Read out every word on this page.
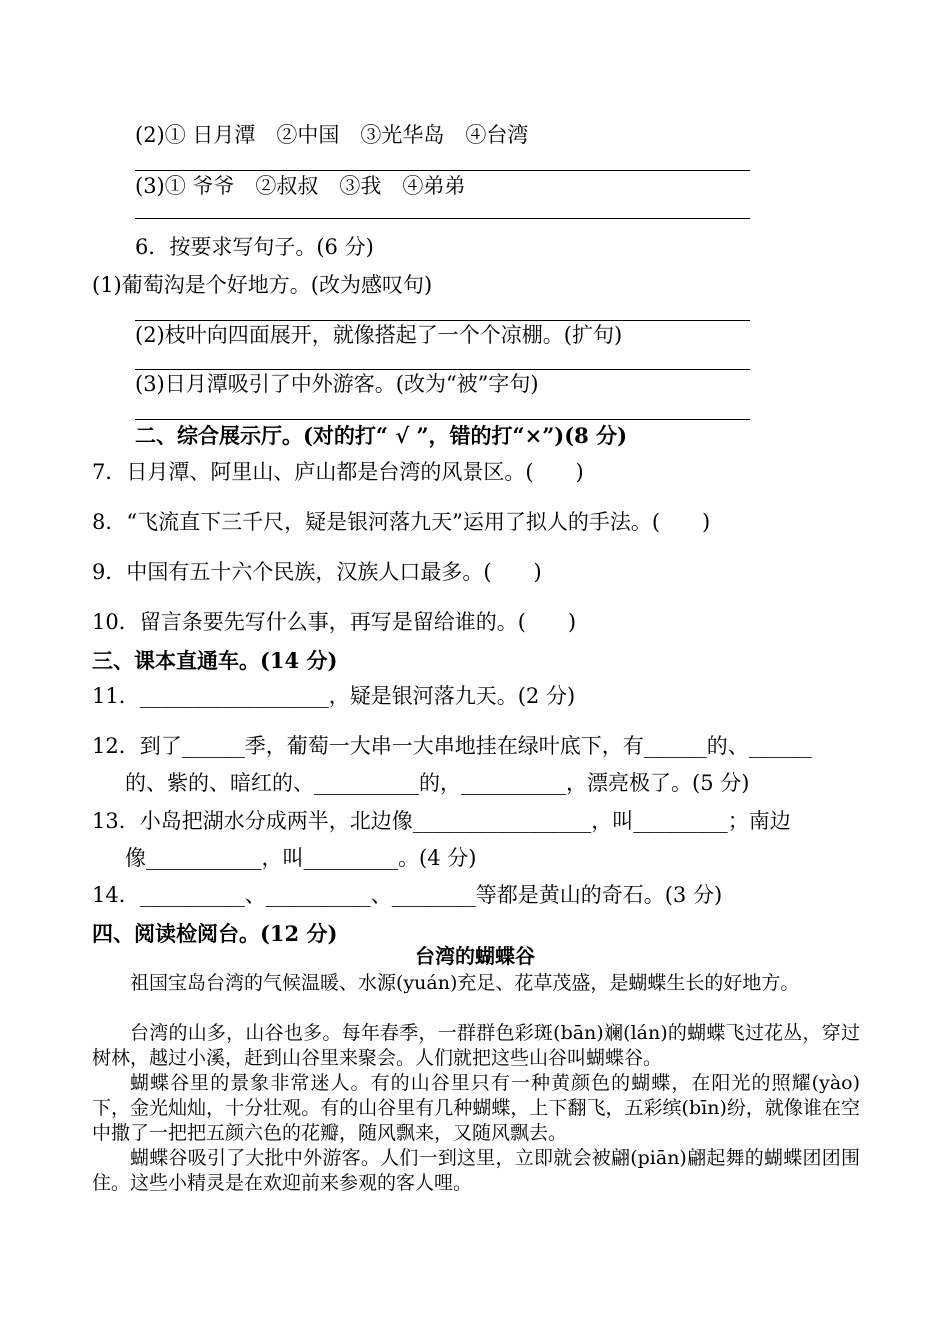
(2)① 日月潭　②中国　③光华岛　④台湾
(3)① 爷爷　②叔叔　③我　④弟弟
6．按要求写句子。(6 分)
(1)葡萄沟是个好地方。(改为感叹句)
(2)枝叶向四面展开，就像搭起了一个个凉棚。(扩句)
(3)日月潭吸引了中外游客。(改为“被”字句)
二、综合展示厅。(对的打“ √ ”，错的打“×”)(8 分)
7．日月潭、阿里山、庐山都是台湾的风景区。(　　)
8．“飞流直下三千尺，疑是银河落九天”运用了拟人的手法。(　　)
9．中国有五十六个民族，汉族人口最多。(　　)
10．留言条要先写什么事，再写是留给谁的。(　　)
三、课本直通车。(14 分)
11．__________________，疑是银河落九天。(2 分)
12．到了______季，葡萄一大串一大串地挂在绿叶底下，有______的、______
的、紫的、暗红的、__________的，__________，漂亮极了。(5 分)
13．小岛把湖水分成两半，北边像_________________，叫_________；南边
像___________，叫_________。(4 分)
14．__________、__________、________等都是黄山的奇石。(3 分)
四、阅读检阅台。(12 分)
台湾的蝴蝶谷

祖国宝岛台湾的气候温暖、水源(yuán)充足、花草茂盛，是蝴蝶生长的好地方。

台湾的山多，山谷也多。每年春季，一群群色彩斑(bān)斓(lán)的蝴蝶飞过花丛，穿过树林，越过小溪，赶到山谷里来聚会。人们就把这些山谷叫蝴蝶谷。

蝴蝶谷里的景象非常迷人。有的山谷里只有一种黄颜色的蝴蝶，在阳光的照耀(yào)下，金光灿灿，十分壮观。有的山谷里有几种蝴蝶，上下翻飞，五彩缤(bīn)纷，就像谁在空中撒了一把把五颜六色的花瓣，随风飘来，又随风飘去。

蝴蝶谷吸引了大批中外游客。人们一到这里，立即就会被翩(piān)翩起舞的蝴蝶团团围住。这些小精灵是在欢迎前来参观的客人哩。
